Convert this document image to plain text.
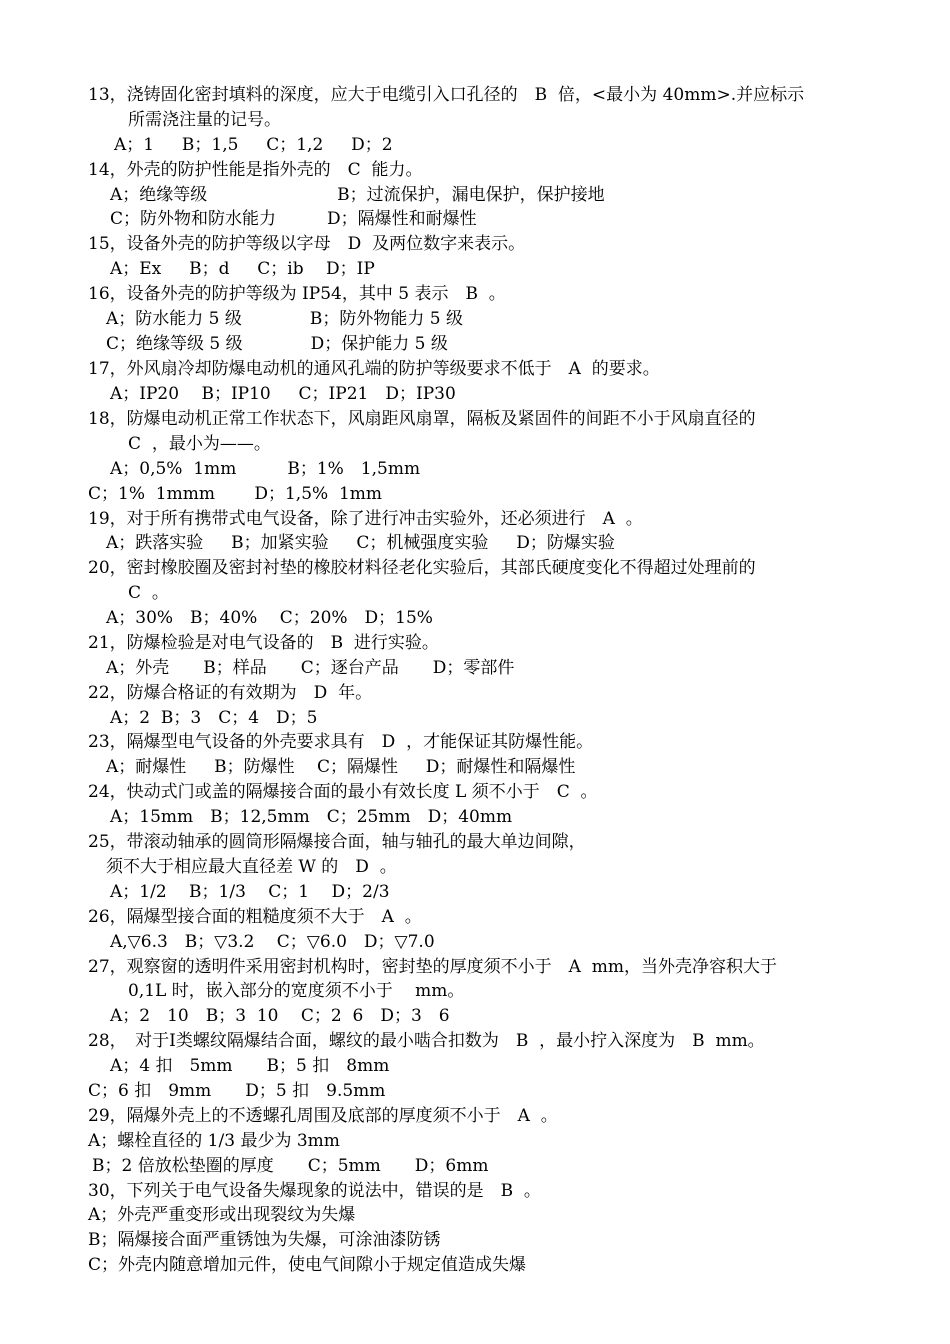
13，浇铸固化密封填料的深度，应大于电缆引入口孔径的　B  倍，<最小为 40mm>.并应标示

所需浇注量的记号。

A；1　  B；1,5　  C；1,2　  D；2

14，外壳的防护性能是指外壳的　C  能力。

A；绝缘等级　　　　　　　  B；过流保护，漏电保护，保护接地

C；防外物和防水能力　　　D；隔爆性和耐爆性

15，设备外壳的防护等级以字母　D  及两位数字来表示。

A；Ex　  B；d　  C；ib　 D；IP

16，设备外壳的防护等级为 IP54，其中 5 表示　B  。

A；防水能力 5 级　　　　B；防外物能力 5 级

C；绝缘等级 5 级　　　　D；保护能力 5 级

17，外风扇冷却防爆电动机的通风孔端的防护等级要求不低于　A  的要求。

A；IP20　 B；IP10　  C；IP21　D；IP30

18，防爆电动机正常工作状态下，风扇距风扇罩，隔板及紧固件的间距不小于风扇直径的

C  ，最小为——。

A；0,5%  1mm　　　B；1%　1,5mm

C；1%  1mmm　　 D；1,5%  1mm

19，对于所有携带式电气设备，除了进行冲击实验外，还必须进行　A  。

A；跌落实验　  B；加紧实验　  C；机械强度实验　  D；防爆实验

20，密封橡胶圈及密封衬垫的橡胶材料径老化实验后，其部氏硬度变化不得超过处理前的

C  。

A；30%　B；40%　 C；20%　D；15%

21，防爆检验是对电气设备的　B  进行实验。

A；外壳　　B；样品　　C；逐台产品　　D；零部件

22，防爆合格证的有效期为　D  年。

A；2  B；3　C；4　D；5

23，隔爆型电气设备的外壳要求具有　D  ，才能保证其防爆性能。

A；耐爆性　  B；防爆性　 C；隔爆性　  D；耐爆性和隔爆性

24，快动式门或盖的隔爆接合面的最小有效长度 L 须不小于　C  。

A；15mm　B；12,5mm　C；25mm　D；40mm

25，带滚动轴承的圆筒形隔爆接合面，轴与轴孔的最大单边间隙，

须不大于相应最大直径差 W 的　D  。

A；1/2　 B；1/3　 C；1　 D；2/3

26，隔爆型接合面的粗糙度须不大于　A  。

A,▽6.3　B；▽3.2　 C；▽6.0　D；▽7.0

27，观察窗的透明件采用密封机构时，密封垫的厚度须不小于　A  mm，当外壳净容积大于

0,1L 时，嵌入部分的宽度须不小于　 mm。

A；2　10　B；3  10　 C；2  6　D；3　6

28，　对于Ⅰ类螺纹隔爆结合面，螺纹的最小啮合扣数为　B  ，最小拧入深度为　B  mm。

A；4 扣　5mm　　B；5 扣　8mm

C；6 扣　9mm　　D；5 扣　9.5mm

29，隔爆外壳上的不透螺孔周围及底部的厚度须不小于　A  。

A；螺栓直径的 1/3 最少为 3mm

B；2 倍放松垫圈的厚度　　C；5mm　　D；6mm

30，下列关于电气设备失爆现象的说法中，错误的是　B  。

A；外壳严重变形或出现裂纹为失爆

B；隔爆接合面严重锈蚀为失爆，可涂油漆防锈

C；外壳内随意增加元件，使电气间隙小于规定值造成失爆
